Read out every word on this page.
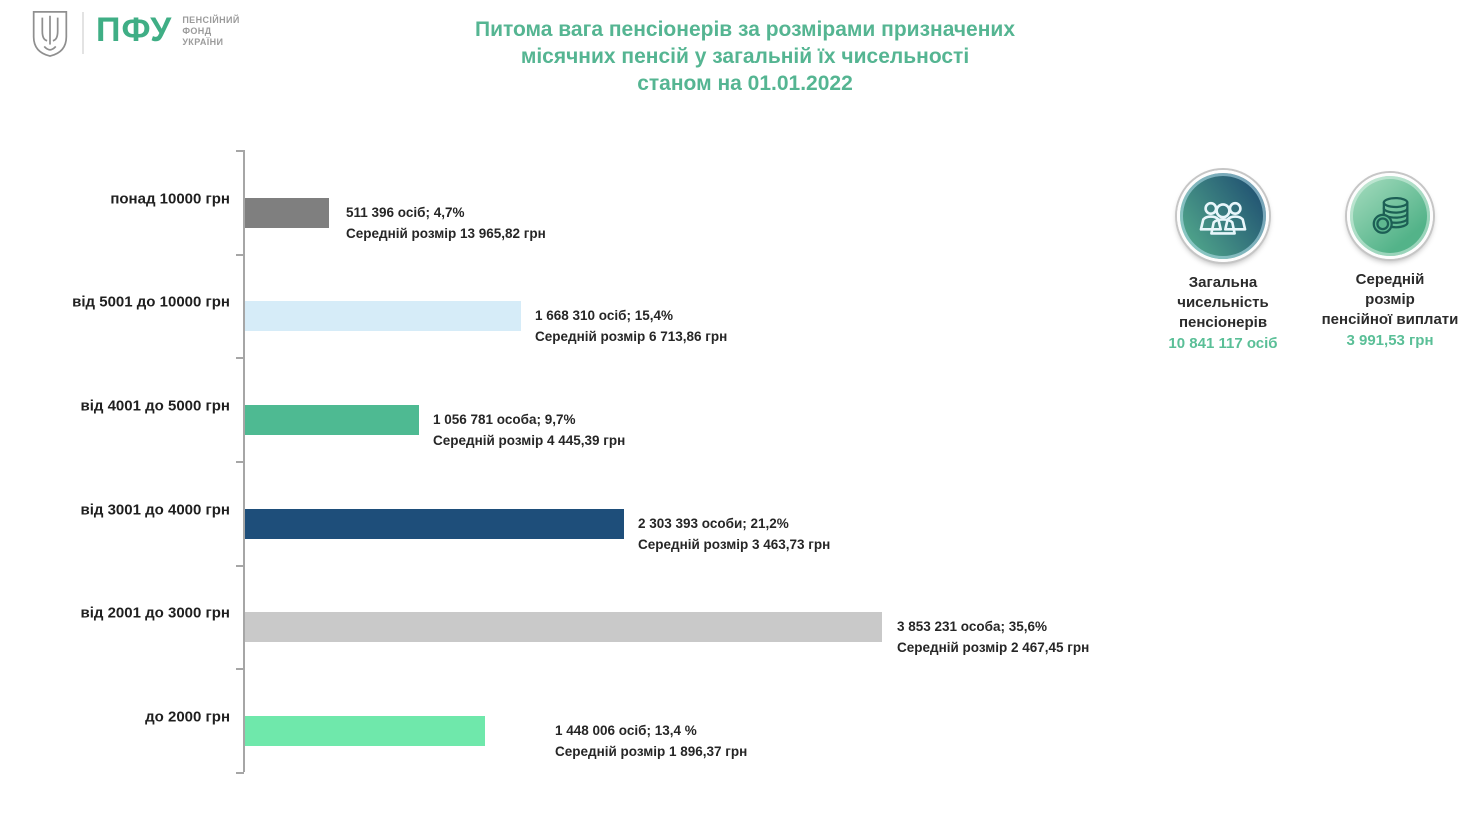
ПФУ ПЕНСІЙНИЙ
ФОНД
УКРАЇНИ
Питома вага пенсіонерів за розмірами призначених
місячних пенсій у загальній їх чисельності
станом на 01.01.2022
понад 10000 грн
511 396 осіб; 4,7%
Середній розмір 13 965,82 грн
від 5001 до 10000 грн
1 668 310 осіб; 15,4%
Середній розмір 6 713,86 грн
від 4001 до 5000 грн
1 056 781 особа; 9,7%
Середній розмір 4 445,39 грн
від 3001 до 4000 грн
2 303 393 особи; 21,2%
Середній розмір 3 463,73 грн
від 2001 до 3000 грн
3 853 231 особа; 35,6%
Середній розмір 2 467,45 грн
до 2000 грн
1 448 006 осіб; 13,4 %
Середній розмір 1 896,37 грн
Загальна
чисельність
пенсіонерів
10 841 117 осіб
Середній
розмір
пенсійної виплати
3 991,53 грн
